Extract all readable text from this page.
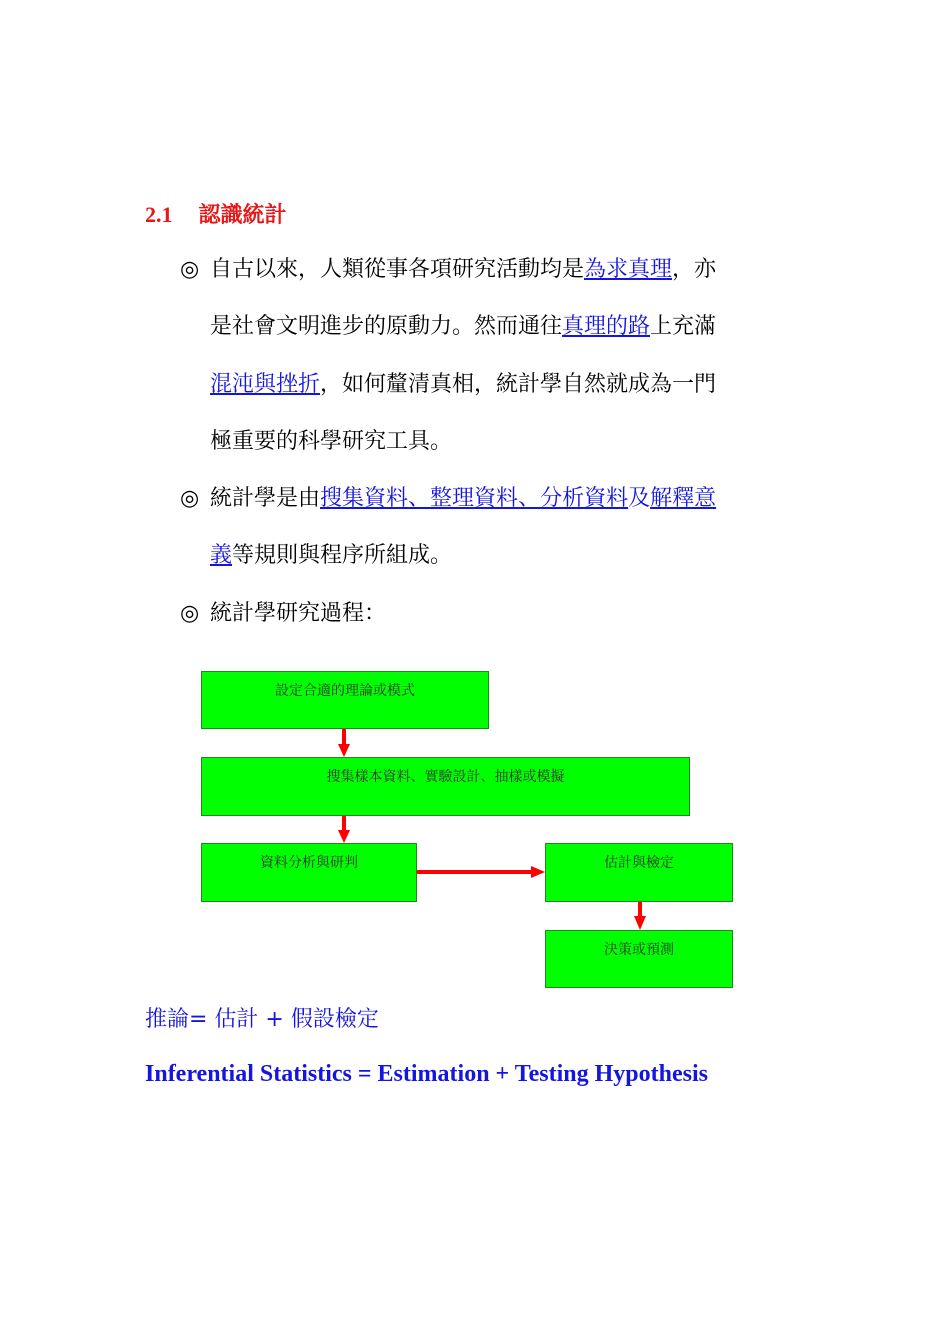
2.1 認識統計
◎ 自古以來，人類從事各項研究活動均是為求真理，亦
是社會文明進步的原動力。然而通往真理的路上充滿
混沌與挫折，如何釐清真相，統計學自然就成為一門
極重要的科學研究工具。
◎ 統計學是由搜集資料、整理資料、分析資料及解釋意
義等規則與程序所組成。
◎ 統計學研究過程：
設定合適的理論或模式
搜集樣本資料、實驗設計、抽樣或模擬
資料分析與研判	估計與檢定
決策或預測
推論= 估計 + 假設檢定
Inferential Statistics = Estimation + Testing Hypothesis
